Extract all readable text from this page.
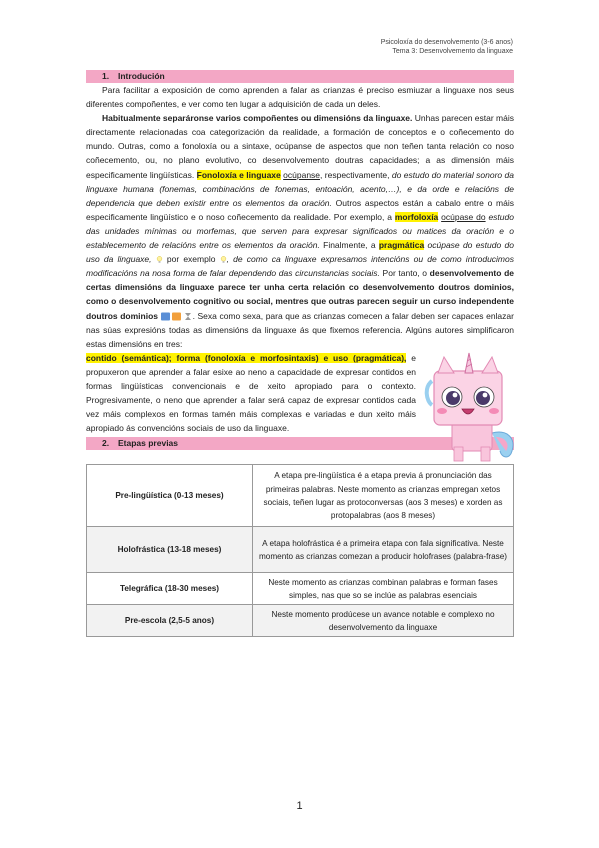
Psicoloxía do desenvolvemento (3-6 anos)
Tema 3: Desenvolvemento da linguaxe
1. Introdución

Para facilitar a exposición de como aprenden a falar as crianzas é preciso esmiuzar a linguaxe nos seus diferentes compoñentes, e ver como ten lugar a adquisición de cada un deles.

Habitualmente separáronse varios compoñentes ou dimensións da linguaxe. Unhas parecen estar máis directamente relacionadas coa categorización da realidade, a formación de conceptos e o coñecemento do mundo. Outras, como a fonoloxía ou a sintaxe, ocúpanse de aspectos que non teñen tanta relación co noso coñecemento, ou, no plano evolutivo, co desenvolvemento doutras capacidades; a as dimensión máis especificamente lingüísticas. Fonoloxía e linguaxe ocúpanse, respectivamente, do estudo do material sonoro da linguaxe humana (fonemas, combinacións de fonemas, entoación, acento,…), e da orde e relacións de dependencia que deben existir entre os elementos da oración. Outros aspectos están a cabalo entre o máis especificamente lingüístico e o noso coñecemento da realidade. Por exemplo, a morfoloxía ocúpase do estudo das unidades mínimas ou morfemas, que serven para expresar significados ou matices da oración e o establecemento de relacións entre os elementos da oración. Finalmente, a pragmática ocúpase do estudo do uso da linguaxe,  por exemplo , de como ca linguaxe expresamos intencións ou de como introducimos modificacións na nosa forma de falar dependendo das circunstancias sociais. Por tanto, o desenvolvemento de certas dimensións da linguaxe parece ter unha certa relación co desenvolvemento doutros dominios, como o desenvolvemento cognitivo ou social, mentres que outras parecen seguir un curso independente doutros dominios	. Sexa como sexa, para que as crianzas comecen a falar deben ser capaces enlazar nas súas expresións todas as dimensións da linguaxe ás que fixemos referencia. Algúns autores simplificaron estas dimensións en tres:

contido (semántica); forma (fonoloxía e morfosintaxis) e uso (pragmática), e propuxeron que aprender a falar esixe ao neno a capacidade de expresar contidos en formas lingüísticas convencionais e de xeito apropiado para o contexto. Progresivamente, o neno que aprender a falar será capaz de expresar contidos cada vez máis complexos en formas tamén máis complexas e variadas e dun xeito máis apropiado ás convencións sociais de uso da linguaxe.

2. Etapas previas
Pre-lingüística (0-13 meses)	A etapa pre-lingüística é a etapa previa á pronunciación das primeiras palabras. Neste momento as crianzas empregan xetos sociais, teñen lugar as protoconversas (aos 3 meses) e xorden as protopalabras (aos 8 meses)
Holofrástica (13-18 meses)	A etapa holofrástica é a primeira etapa con fala significativa. Neste momento as crianzas comezan a producir holofrases (palabra-frase)
Telegráfica (18-30 meses)	Neste momento as crianzas combinan palabras e forman fases simples, nas que so se inclúe as palabras esenciais
Pre-escola (2,5-5 anos)	Neste momento prodúcese un avance notable e complexo no desenvolvemento da linguaxe
1
